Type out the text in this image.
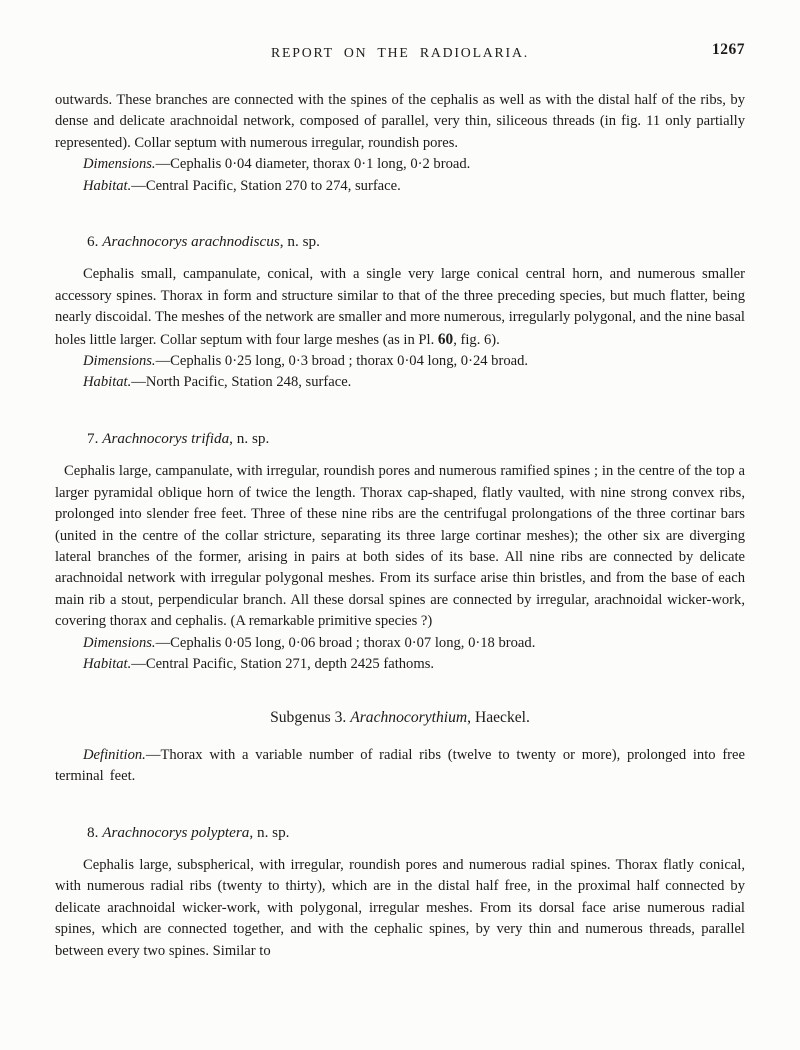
REPORT ON THE RADIOLARIA.	1267

outwards. These branches are connected with the spines of the cephalis as well as with the distal half of the ribs, by dense and delicate arachnoidal network, composed of parallel, very thin, siliceous threads (in fig. 11 only partially represented). Collar septum with numerous irregular, roundish pores.

Dimensions.—Cephalis 0·04 diameter, thorax 0·1 long, 0·2 broad.

Habitat.—Central Pacific, Station 270 to 274, surface.

6. Arachnocorys arachnodiscus, n. sp.

Cephalis small, campanulate, conical, with a single very large conical central horn, and numerous smaller accessory spines. Thorax in form and structure similar to that of the three preceding species, but much flatter, being nearly discoidal. The meshes of the network are smaller and more numerous, irregularly polygonal, and the nine basal holes little larger. Collar septum with four large meshes (as in Pl. 60, fig. 6).

Dimensions.—Cephalis 0·25 long, 0·3 broad ; thorax 0·04 long, 0·24 broad.

Habitat.—North Pacific, Station 248, surface.

7. Arachnocorys trifida, n. sp.

Cephalis large, campanulate, with irregular, roundish pores and numerous ramified spines ; in the centre of the top a larger pyramidal oblique horn of twice the length. Thorax cap-shaped, flatly vaulted, with nine strong convex ribs, prolonged into slender free feet. Three of these nine ribs are the centrifugal prolongations of the three cortinar bars (united in the centre of the collar stricture, separating its three large cortinar meshes); the other six are diverging lateral branches of the former, arising in pairs at both sides of its base. All nine ribs are connected by delicate arachnoidal network with irregular polygonal meshes. From its surface arise thin bristles, and from the base of each main rib a stout, perpendicular branch. All these dorsal spines are connected by irregular, arachnoidal wicker-work, covering thorax and cephalis. (A remarkable primitive species ?)

Dimensions.—Cephalis 0·05 long, 0·06 broad ; thorax 0·07 long, 0·18 broad.

Habitat.—Central Pacific, Station 271, depth 2425 fathoms.

Subgenus 3. Arachnocorythium, Haeckel.

Definition.—Thorax with a variable number of radial ribs (twelve to twenty or more), prolonged into free terminal feet.

8. Arachnocorys polyptera, n. sp.

Cephalis large, subspherical, with irregular, roundish pores and numerous radial spines. Thorax flatly conical, with numerous radial ribs (twenty to thirty), which are in the distal half free, in the proximal half connected by delicate arachnoidal wicker-work, with polygonal, irregular meshes. From its dorsal face arise numerous radial spines, which are connected together, and with the cephalic spines, by very thin and numerous threads, parallel between every two spines. Similar to
